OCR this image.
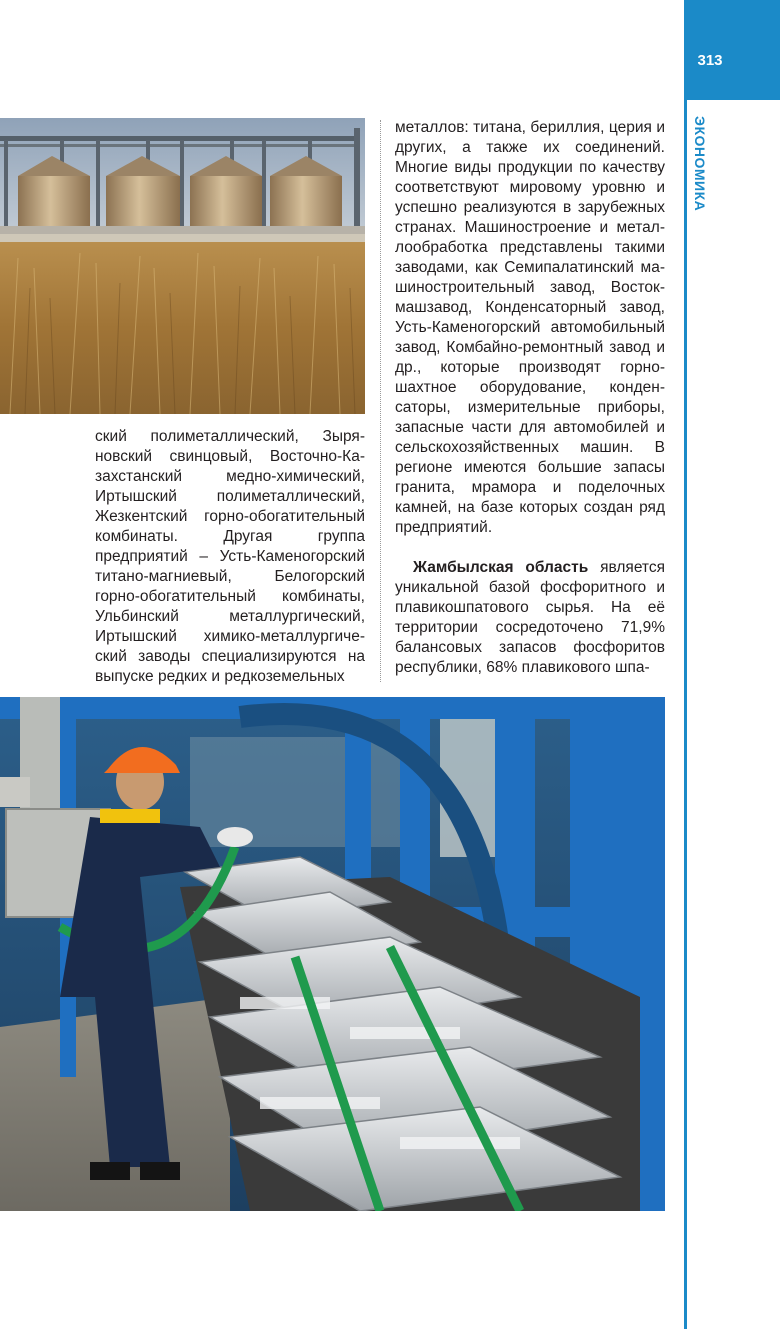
313
ЭКОНОМИКА

ский полиметаллический, Зыряновский свинцовый, Восточно-Казахстанский медно-химический, Иртышский полиметаллический, Жезкентский горно-обогатительный комбинаты. Другая группа предприятий – Усть-Каменогорский титано-магниевый, Белогорский горно-обогатительный комбинаты, Ульбинский металлургический, Иртышский химико-металлургический заводы специализируются на выпуске редких и редкоземельных

металлов: титана, бериллия, церия и других, а также их соединений. Многие виды продукции по качеству соответствуют мировому уровню и успешно реализуются в зарубежных странах. Машиностроение и металлообработка представлены такими заводами, как Семипалатинский машиностроительный завод, Востокмашзавод, Конденсаторный завод, Усть-Каменогорский автомобильный завод, Комбайно-ремонтный завод и др., которые производят горно-шахтное оборудование, конденсаторы, измерительные приборы, запасные части для автомобилей и сельскохозяйственных машин. В регионе имеются большие запасы гранита, мрамора и поделочных камней, на базе которых создан ряд предприятий.

Жамбылская область является уникальной базой фосфоритного и плавикошпатового сырья. На её территории сосредоточено 71,9% балансовых запасов фосфоритов республики, 68% плавикового шпа-
